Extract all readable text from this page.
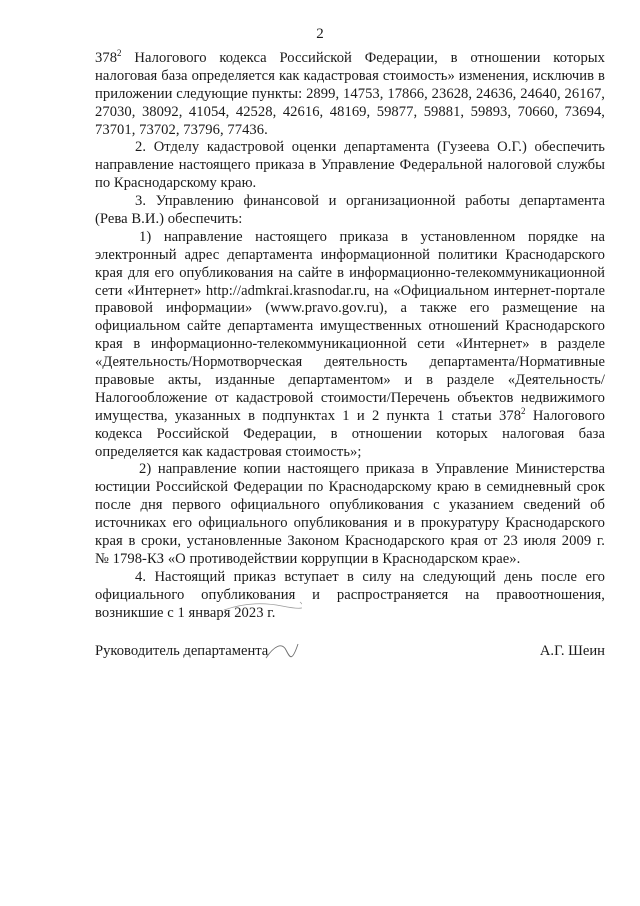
2
$378^2$ Налогового кодекса Российской Федерации, в отношении которых
налоговая база определяется как кадастровая стоимость» изменения, исключив в
приложении следующие пункты: 2899, 14753, 17866, 23628, 24636, 24640, 26167,
27030, 38092, 41054, 42528, 42616, 48169, 59877, 59881, 59893, 70660, 73694,
73701, 73702, 73796, 77436.
2. Отделу кадастровой оценки департамента (Гузеева О.Г.) обеспечить
направление настоящего приказа в Управление Федеральной налоговой службы
по Краснодарскому краю.
3. Управлению финансовой и организационной работы департамента
(Рева В.И.) обеспечить:
1) направление настоящего приказа в установленном порядке на
электронный адрес департамента информационной политики Краснодарского
края для его опубликования на сайте в информационно-телекоммуникационной
сети «Интернет» http://admkrai.krasnodar.ru, на «Официальном интернет-портале
правовой информации» (www.pravo.gov.ru), а также его размещение на
официальном сайте департамента имущественных отношений Краснодарского
края в информационно-телекоммуникационной сети «Интернет» в разделе
«Деятельность/Нормотворческая деятельность департамента/Нормативные
правовые акты, изданные департаментом» и в разделе «Деятельность/
Налогообложение от кадастровой стоимости/Перечень объектов недвижимого
имущества, указанных в подпунктах 1 и 2 пункта 1 статьи $378^2$ Налогового
кодекса Российской Федерации, в отношении которых налоговая база
определяется как кадастровая стоимость»;
2) направление копии настоящего приказа в Управление Министерства
юстиции Российской Федерации по Краснодарскому краю в семидневный срок
после дня первого официального опубликования с указанием сведений об
источниках его официального опубликования и в прокуратуру Краснодарского
края в сроки, установленные Законом Краснодарского края от 23 июля 2009 г.
№ 1798-КЗ «О противодействии коррупции в Краснодарском крае».
4. Настоящий приказ вступает в силу на следующий день после его
официального опубликования и распространяется на правоотношения,
возникшие с 1 января 2023 г.
Руководитель департамента	А.Г. Шеин
